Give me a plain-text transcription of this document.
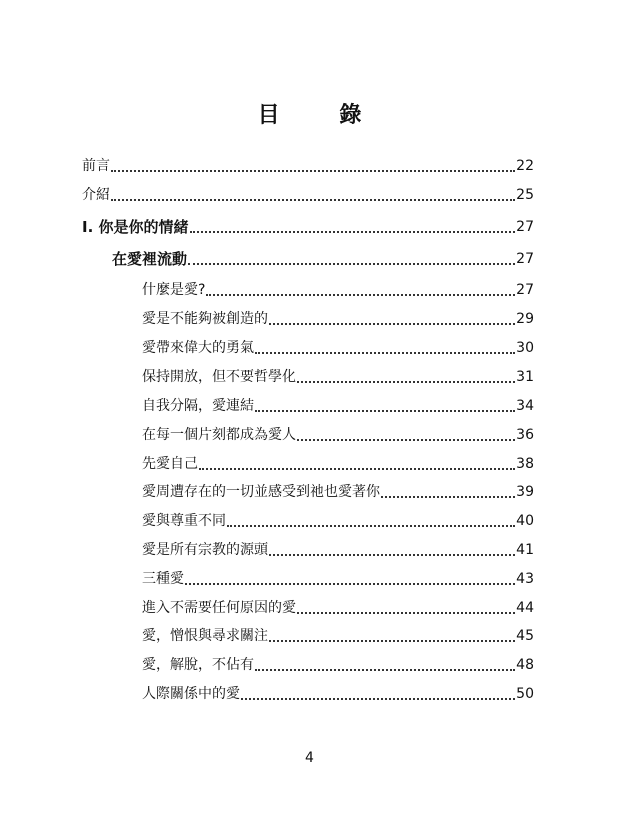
目 錄
前言	22
介紹	25
I. 你是你的情緒	27
在愛裡流動	27
什麼是愛?	27
愛是不能夠被創造的	29
愛帶來偉大的勇氣	30
保持開放，但不要哲學化	31
自我分隔，愛連結	34
在每一個片刻都成為愛人	36
先愛自己	38
愛周遭存在的一切並感受到祂也愛著你	39
愛與尊重不同	40
愛是所有宗教的源頭	41
三種愛	43
進入不需要任何原因的愛	44
愛，憎恨與尋求關注	45
愛，解脫，不佔有	48
人際關係中的愛	50
4
